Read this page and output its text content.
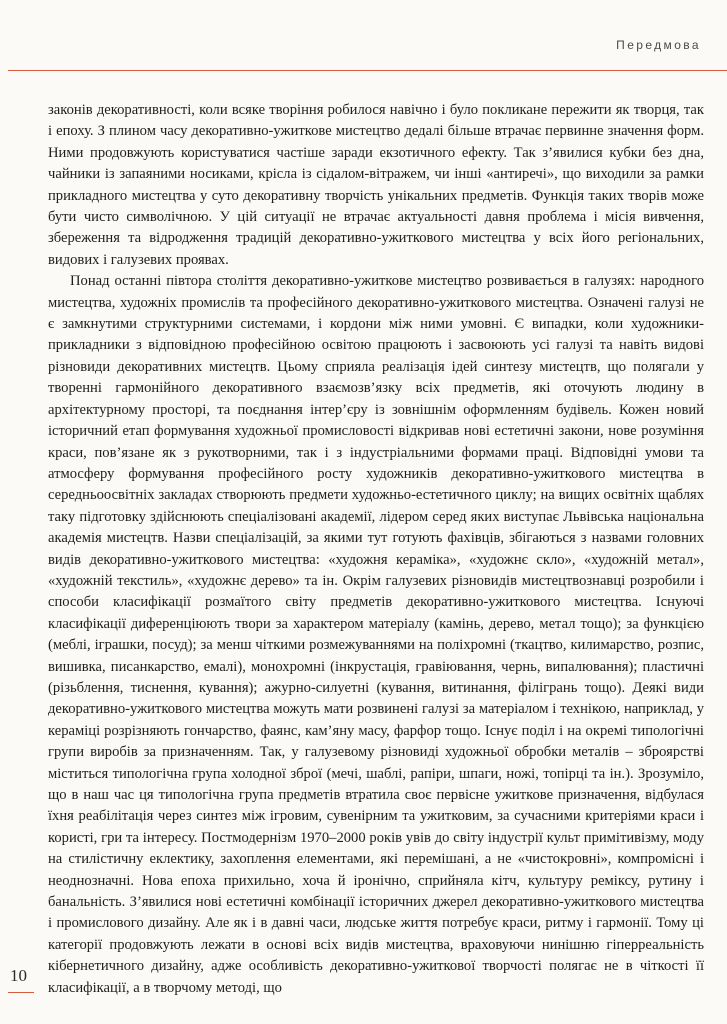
Передмова

законів декоративності, коли всяке творіння робилося навічно і було покликане пережити як творця, так і епоху. З плином часу декоративно-ужиткове мистецтво дедалі більше втрачає первинне значення форм. Ними продовжують користуватися частіше заради екзотичного ефекту. Так з’явилися кубки без дна, чайники із запаяними носиками, крісла із сідалом-вітражем, чи інші «антиречі», що виходили за рамки прикладного мистецтва у суто декоративну творчість унікальних предметів. Функція таких творів може бути чисто символічною. У цій ситуації не втрачає актуальності давня проблема і місія вивчення, збереження та відродження традицій декоративно-ужиткового мистецтва у всіх його регіональних, видових і галузевих проявах.

Понад останні півтора століття декоративно-ужиткове мистецтво розвивається в галузях: народного мистецтва, художніх промислів та професійного декоративно-ужиткового мистецтва. Означені галузі не є замкнутими структурними системами, і кордони між ними умовні. Є випадки, коли художники-прикладники з відповідною професійною освітою працюють і засвоюють усі галузі та навіть видові різновиди декоративних мистецтв. Цьому сприяла реалізація ідей синтезу мистецтв, що полягали у творенні гармонійного декоративного взаємозв’язку всіх предметів, які оточують людину в архітектурному просторі, та поєднання інтер’єру із зовнішнім оформленням будівель. Кожен новий історичний етап формування художньої промисловості відкривав нові естетичні закони, нове розуміння краси, пов’язане як з рукотворними, так і з індустріальними формами праці. Відповідні умови та атмосферу формування професійного росту художників декоративно-ужиткового мистецтва в середньоосвітніх закладах створюють предмети художньо-естетичного циклу; на вищих освітніх щаблях таку підготовку здійснюють спеціалізовані академії, лідером серед яких виступає Львівська національна академія мистецтв. Назви спеціалізацій, за якими тут готують фахівців, збігаються з назвами головних видів декоративно-ужиткового мистецтва: «художня кераміка», «художнє скло», «художній метал», «художній текстиль», «художнє дерево» та ін. Окрім галузевих різновидів мистецтвознавці розробили і способи класифікації розмаїтого світу предметів декоративно-ужиткового мистецтва. Існуючі класифікації диференціюють твори за характером матеріалу (камінь, дерево, метал тощо); за функцією (меблі, іграшки, посуд); за менш чіткими розмежуваннями на поліхромні (ткацтво, килимарство, розпис, вишивка, писанкарство, емалі), монохромні (інкрустація, гравіювання, чернь, випалювання); пластичні (різьблення, тиснення, кування); ажурно-силуетні (кування, витинання, філігрань тощо). Деякі види декоративно-ужиткового мистецтва можуть мати розвинені галузі за матеріалом і технікою, наприклад, у кераміці розрізняють гончарство, фаянс, кам’яну масу, фарфор тощо. Існує поділ і на окремі типологічні групи виробів за призначенням. Так, у галузевому різновиді художньої обробки металів – зброярстві міститься типологічна група холодної зброї (мечі, шаблі, рапіри, шпаги, ножі, топірці та ін.). Зрозуміло, що в наш час ця типологічна група предметів втратила своє первісне ужиткове призначення, відбулася їхня реабілітація через синтез між ігровим, сувенірним та ужитковим, за сучасними критеріями краси і користі, гри та інтересу. Постмодернізм 1970–2000 років увів до світу індустрії культ примітивізму, моду на стилістичну еклектику, захоплення елементами, які перемішані, а не «чистокровні», компромісні і неоднозначні. Нова епоха прихильно, хоча й іронічно, сприйняла кітч, культуру реміксу, рутину і банальність. З’явилися нові естетичні комбінації історичних джерел декоративно-ужиткового мистецтва і промислового дизайну. Але як і в давні часи, людське життя потребує краси, ритму і гармонії. Тому ці категорії продовжують лежати в основі всіх видів мистецтва, враховуючи нинішню гіперреальність кібернетичного дизайну, адже особливість декоративно-ужиткової творчості полягає не в чіткості її класифікації, а в творчому методі, що

10
